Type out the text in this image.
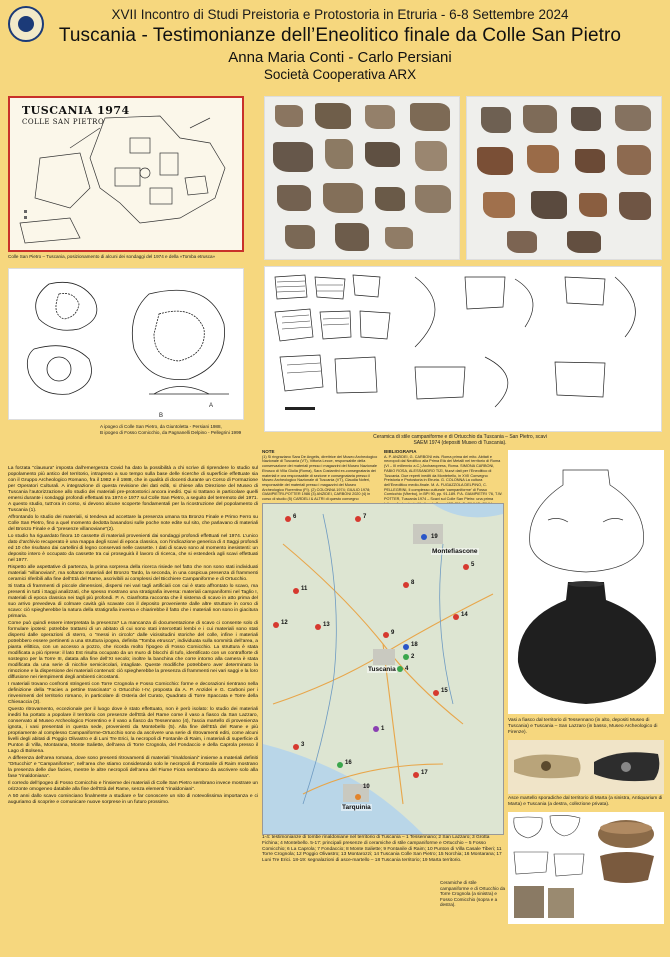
XVII Incontro di Studi Preistoria e Protostoria in Etruria - 6-8 Settembre 2024
Tuscania - Testimonianze dell’Eneolitico finale da Colle San Pietro
Anna Maria Conti - Carlo Persiani
Società Cooperativa ARX
TUSCANIA 1974
COLLE SAN PIETRO
Colle San Pietro – Tuscania, posizionamento di alcuni dei sondaggi del 1974 e della «Tomba etrusca»
A
B
A ipogeo di Colle San Pietro, da Giuntoletta - Persiani 1988,
B ipogeo di Fosso Comicchio, da Pagnanelli Delpino - Pellegrini 1999
Ceramica di stile campaniforme e di Ortucchio da Tuscania – San Pietro, scavi SAEM 1974 (depositi Museo di Tuscania).

La forzata “clausura” imposta dall’emergenza Covid ha dato la possibilità a chi scrive di riprendere lo studio sul popolamento più antico del territorio, intrapreso a suo tempo sulla base delle ricerche di superficie effettuate sia con il Gruppo Archeologico Romano, fra il 1982 e il 1988, che in qualità di docenti durante un Corso di Formazione per Operatori Culturali. A integrazione di questa revisione dei dati editi, si chiese alla Direzione del Museo di Tuscania l’autorizzazione allo studio dei materiali pre-protostorici ancora inediti. Qui si trattano in particolare quelli emersi durante i sondaggi profondi effettuati tra 1974 e 1977 sul Colle San Pietro, a seguito del terremoto del 1971. A questo studio, tutt’ora in corso, si devono alcune scoperte fondamentali per la ricostruzione del popolamento di Tuscania (1).

Affrontando lo studio dei materiali, si tendeva ad accettare la presenza umana tra Bronzo Finale e Primo Ferro su Colle San Pietro, fino a quel momento dedotta basandosi sulle poche note edite sul sito, che parlavano di materiali del Bronzo Finale e di “presenze villanoviane”(2).

Lo studio ha riguardato finora 10 cassette di materiali provenienti dai sondaggi profondi effettuati nel 1974. L’unico dato d’archivio recuperato è una mappa degli scavi di epoca classica, con l’indicazione generica di 4 Saggi profondi ed 10 che risultano dai cartellini di legno conservati nelle cassette. I dati di scavo sono al momento inesistenti: un deposito intero è occupato da cassette tra cui proseguirà il lavoro di ricerca, che si estenderà agli scavi effettuati nel 1977.

Rispetto alle aspettative di partenza, la prima sorpresa della ricerca risiede nel fatto che non sono stati individuati materiali “villanoviani”, ma soltanto materiali del Bronzo Tardo, la seconda, in una cospicua presenza di frammenti ceramici riferibili alla fine dell’Età del Rame, ascrivibili ai complessi del Bicchiere Campaniforme e di Ortucchio.

Si tratta di frammenti di piccole dimensioni, dispersi nei vari tagli artificiali con cui è stato affrontato lo scavo, ma presenti in tutti i Saggi analizzati, che spesso mostrano una stratigrafia inversa: materiali campaniformi nel Taglio I, materiali di epoca classica nei tagli più profondi. P. A. Gianfrotta racconta che il sistema di scavo in atto prima del suo arrivo prevedeva di colmare cavità già scavate con il deposito proveniente dalle altre strutture in corso di scavo: ciò spiegherebbe la natura della stratigrafia inversa e chiarirebbe il fatto che i materiali non sono in giacitura primaria.

Come può quindi essere interpretata la presenza? La mancanza di documentazione di scavo ci consente solo di formulare ipotesi: potrebbe trattarsi di un abitato di cui sono stati intercettati lembi e i cui materiali sono stati dispersi dalle operazioni di sterro, o “messi in circolo” dalle vicissitudini storiche del colle, infine i materiali potrebbero essere pertinenti a una struttura ipogea, definita “Tomba etrusca”, individuata sulla sommità dell’area, a pianta ellittica, con un accesso a pozzo, che ricorda molto l’ipogeo di Fosso Comicchio. La struttura è stata modificata a più riprese: il lato Est risulta occupato da un muro di blocchi di tufo, identificato con un contrafforte di sostegno per la Torre III, datata alla fine dell’XI secolo; inoltre la banchina che corre intorno alla camera è stata modificata da una serie di nicchie semicircolari, intagliate. Queste modifiche potrebbero aver determinato la rimozione e la dispersione dei materiali contenuti: ciò spiegherebbe la presenza di frammenti nei vari saggi e la loro diffusione nei riempimenti degli ambienti circostanti.

I materiali trovano confronti stringenti con Torre Crognola e Fosso Comicchio: forme e decorazioni rientrano nella definizione della “Facies a pettine trascinato” o Ortucchio I-IV, proposta da A. P. Anzidei e G. Carboni per i rinvenimenti del territorio romano, in particolare di Osteria del Curato, Quadrato di Torre Spaccata e Torre della Chiesaccia (3).

Questo ritrovamento, eccezionale per il luogo dove è stato effettuato, non è però isolato: lo studio dei materiali inediti ha portato a popolare il territorio con presenze dell’Età del Rame come il vaso a fiasco da San Lazzaro, conservato al Museo Archeologico Fiorentino e il vaso a fiasco da Tessennano (4), l’ascia martello di provenienza ignota, i vasi presentati in questa sede, provenienti da Montebello (5). Alla fine dell’Età del Rame e più propriamente al complesso Campaniforme-Ortucchio sono da ascrivere una serie di ritrovamenti editi, come alcuni livelli degli abitati di Poggio Olivastro e di Luni Tre Erici, la necropoli di Fontanile di Raim, i materiali di superficie di Punton di Villa, Montarana, Monte Saliette, dell’area di Torre Crognola, del Fondaccio e della Caprola presso il Lago di Bolsena.

A differenza dell’area romana, dove sono presenti ritrovamenti di materiali “rinaldoniani” insieme a materiali definiti “Ortucchio” e “Campaniforme”, nell’area che stiamo considerando solo le necropoli di Fontanile di Raim mostrano la presenza delle due facies, mentre le altre necropoli dell’area del Fiume Fiora sembrano da ascrivere solo alla fase “rinaldoniana”.

Il corredo dell’ipogeo di Fosso Comicchio e l’insieme dei materiali di Colle San Pietro sembrano invece mostrare un orizzonte omogeneo databile alla fine dell’Età del Rame, senza elementi “rinaldoniani”.

A 50 anni dallo scavo cominciano finalmente a studiare e far conoscere un sito di notevolissima importanza e ci auguriamo di scoprire e comunicare nuove sorprese in un futuro prossimo.

NOTE
(1) Si ringraziano Sara De Angelis, direttrice del Museo Archeologico Nazionale di Tuscania (VT), Vittoria Lecce, responsabile della conservazione dei materiali presso i magazzini del Museo Nazionale Etrusco di Villa Giulia (Roma), Sara Costantini ex-consegnataria dei materiali e ora responsabile di sezione e consegnataria presso il Museo Archeologico Nazionale di Tuscania (VT), Claudia Noferi, responsabile dei materiali presso i magazzini del Museo Archeologico Fiorentino (FI). (2) COLONNA 1974; GIULIO 1978; GIAMPIETRI-POTTER 1986 (3) ANZIDEI, CARBONI 2020 (4) in corso di studio (5) CARDELI & ALTRI di questo convegno
BIBLIOGRAFIA
A. P. ANZIDEI, G. CARBONI eds. Roma prima del mito. Abitati e necropoli dal Neolitico alla Prima Età dei Metalli nel territorio di Roma (VI – III millennio a.C.) Archaeopress, Roma. SIMONA CARBONI, FABIO ROSA, ALESSANDRO TIZI, Nuovi dati per l’Eneolitico di Tuscania. Due reperti inediti da Montebello, in XVII Convegno Preistoria e Protostoria in Etruria. G. COLONNA La cultura dell’Eneolitico medio-finale. M. A. FUGAZZOLA DELPINO, C. PELLEGRINI, Il complesso culturale ‘campaniforme’ di Fosso Comicchio (Viterbo), in BPI 90, pp. 91-189. P.A. GIAMPIETRI ‘76, T.W. POTTER, Tuscania 1974 – Scavi sul Colle San Pietro: una prima
Montefiascone
Tuscania
Tarquinia
6	7
19
8
11
12	13
9
18
2
4
15
1
16
3
17
10
5
14
1-4: testimonianze di tombe rinaldoniane nel territorio di Tuscania – 1 Tessennano; 2 San Lazzaro; 3 Grotta Fichina; 4 Montebello. 5-17: principali presenze di ceramiche di stile campaniforme e Ortucchio – 5 Fosso Comicchio; 6 La Caprola; 7 Fondaccio; 8 Monte Saliette; 9 Fontanile di Raim; 10 Punton di Villa Casale Tiberi; 11 Torre Crognola; 12 Poggio Olivastro; 13 Montarozzi; 14 Tuscania Colle San Pietro; 15 Norchia; 16 Montarana; 17 Luni Tre Erici. 18-19: segnalazioni di asce-martello – 18 Tuscania territorio; 19 Marta territorio.
Vasi a fiasco dal territorio di Tessennano (in alto, depositi Museo di Tuscania) e Tuscania – San Lazzaro (in basso, Museo Archeologico di Firenze).
Asce martello sporadiche dal territorio di Marta (a sinistra, Antiquarium di Marta) e Tuscania (a destra, collezione privata).
Ceramiche di stile campaniforme e di Ortucchio da Torre Crognola (a sinistra) e Fosso Comicchio (sopra e a destra).
